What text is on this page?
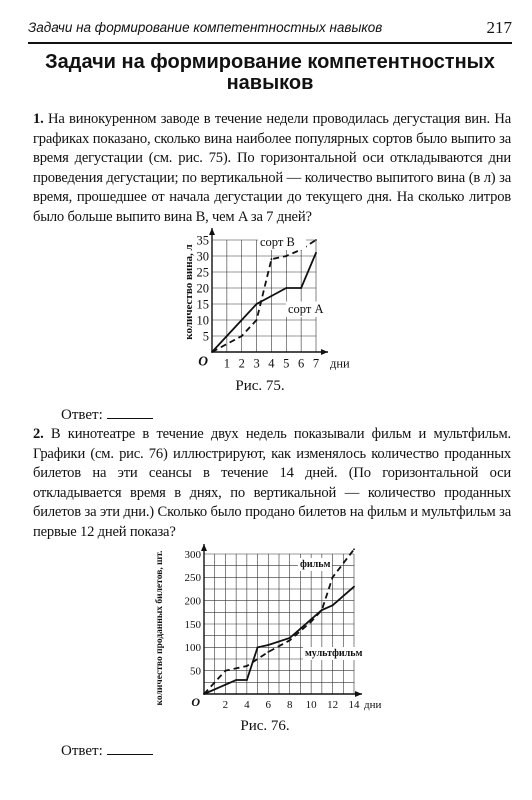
Задачи на формирование компетентностных навыков	217
Задачи на формирование компетентностных
навыков
1. На винокуренном заводе в течение недели проводилась дегустация вин. На графиках показано, сколько вина наиболее популярных сортов было выпито за время дегустации (см. рис. 75). По горизонтальной оси откладываются дни проведения дегустации; по вертикальной — количество выпитого вина (в л) за время, прошедшее от начала дегустации до текущего дня. На сколько литров было больше выпито вина B, чем A за 7 дней?
1 2 3 4 5 6 7
5
10
15
20
25
30
35
O	дни
количество вина, л	сорт A
сорт B
Рис. 75.
Ответ:
2. В кинотеатре в течение двух недель показывали фильм и мультфильм. Графики (см. рис. 76) иллюстрируют, как изменялось количество проданных билетов на эти сеансы в течение 14 дней. (По горизонтальной оси откладывается время в днях, по вертикальной — количество проданных билетов за эти дни.) Сколько было продано билетов на фильм и мультфильм за первые 12 дней показа?
2 4 6 8 10 12 14
50
100
150
200
250
300
O	дни
количество проданных билетов, шт.	мультфильм
фильм
Рис. 76.
Ответ:
